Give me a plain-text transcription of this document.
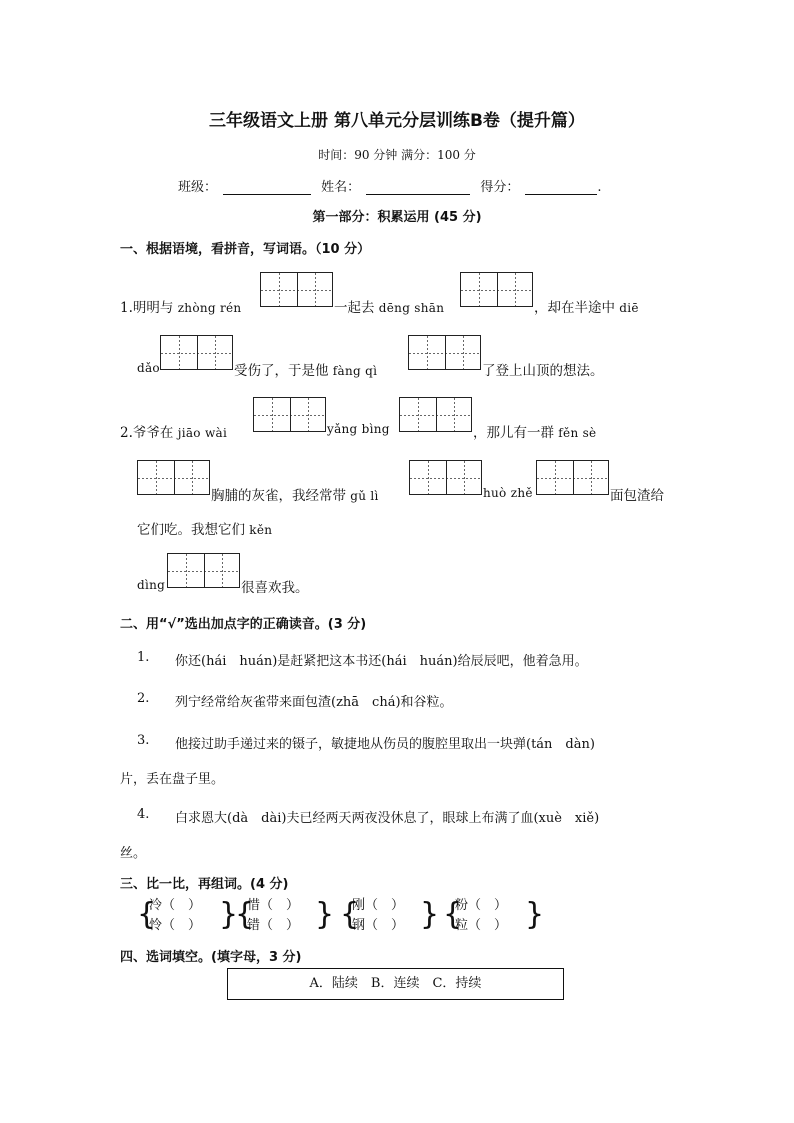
三年级语文上册 第八单元分层训练B卷（提升篇）
时间：90 分钟 满分：100 分
班级：	姓名：	得分：	.
第一部分：积累运用 (45 分)
一、根据语境，看拼音，写词语。（10 分）
1.明明与 zhòng rén	一起去 dēng shān	，却在半途中 diē
dǎo	受伤了，于是他 fàng qì	了登上山顶的想法。
2.爷爷在 jiāo wài	yǎng bìng	，那儿有一群 fěn sè
胸脯的灰雀，我经常带 gǔ lì	huò zhě	面包渣给
它们吃。我想它们 kěn
dìng	很喜欢我。
二、用“√”选出加点字的正确读音。(3 分)
1. 你还(hái　huán)是赶紧把这本书还(hái　huán)给辰辰吧，他着急用。
2. 列宁经常给灰雀带来面包渣(zhā　chá)和谷粒。
3. 他接过助手递过来的镊子，敏捷地从伤员的腹腔里取出一块弹(tán　dàn)
片，丢在盘子里。
4. 白求恩大(dà　dài)夫已经两天两夜没休息了，眼球上布满了血(xuè　xiě)
丝。
三、比一比，再组词。(4 分)
{
冷（　）
怜（　） }
{
惜（　）
错（　） } {
刚（　）
钢（　） } {
粉（　）
粒（　） }
四、选词填空。(填字母，3 分)
A．陆续　B．连续　C．持续
